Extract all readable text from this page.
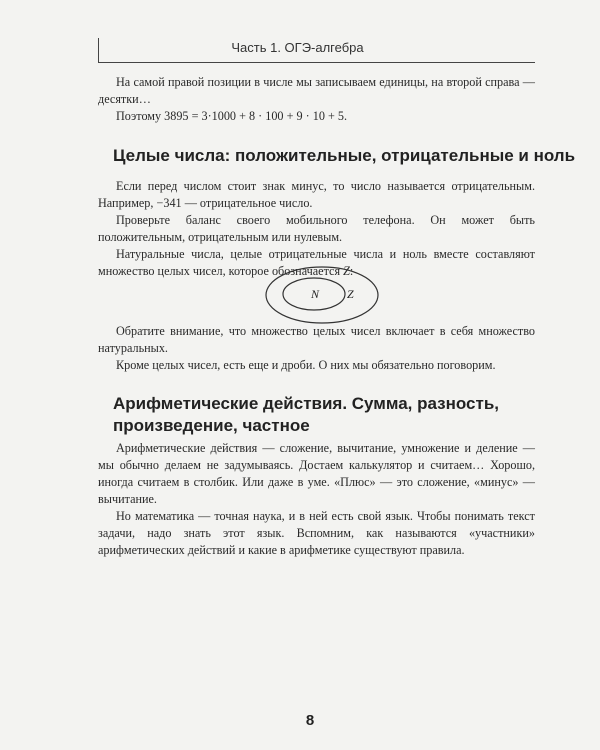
Часть 1. ОГЭ-алгебра

На самой правой позиции в числе мы записываем единицы, на второй справа — десятки…

Поэтому 3895 = 3·1000 + 8 · 100 + 9 · 10 + 5.

Целые числа: положительные, отрицательные и ноль

Если перед числом стоит знак минус, то число называется отрицательным. Например, −341 — отрицательное число.

Проверьте баланс своего мобильного телефона. Он может быть положительным, отрицательным или нулевым.

Натуральные числа, целые отрицательные числа и ноль вместе составляют множество целых чисел, которое обозначается Z:

N Z

Обратите внимание, что множество целых чисел включает в себя множество натуральных.

Кроме целых чисел, есть еще и дроби. О них мы обязательно поговорим.

Арифметические действия. Сумма, разность,
произведение, частное

Арифметические действия — сложение, вычитание, умножение и деление — мы обычно делаем не задумываясь. Достаем калькулятор и считаем… Хорошо, иногда считаем в столбик. Или даже в уме. «Плюс» — это сложение, «минус» — вычитание.

Но математика — точная наука, и в ней есть свой язык. Чтобы понимать текст задачи, надо знать этот язык. Вспомним, как называются «участники» арифметических действий и какие в арифметике существуют правила.

8
